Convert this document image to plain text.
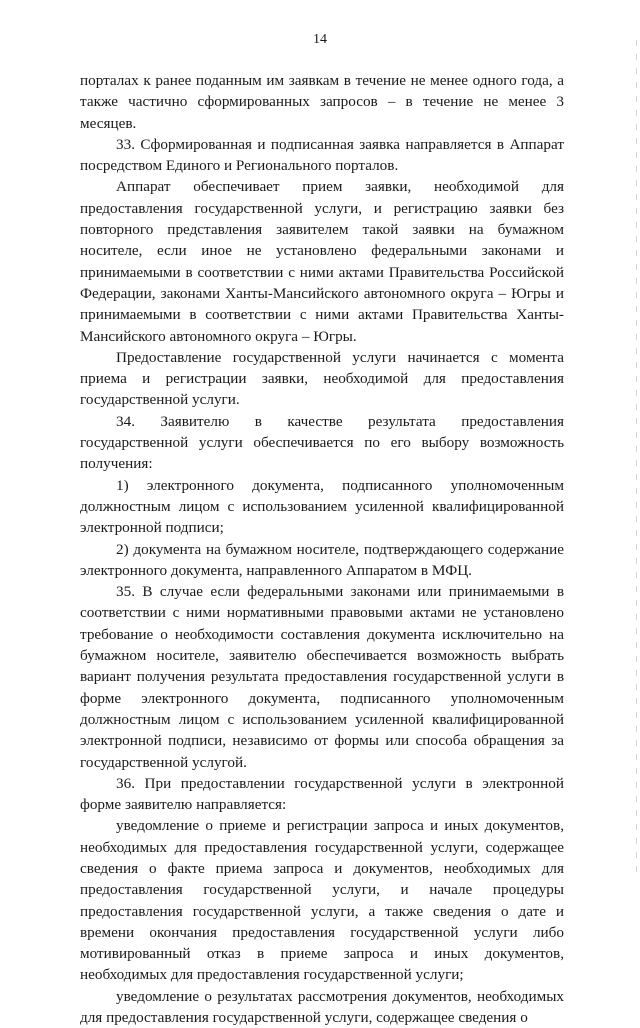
14

порталах к ранее поданным им заявкам в течение не менее одного года, а также частично сформированных запросов – в течение не менее 3 месяцев.

33. Сформированная и подписанная заявка направляется в Аппарат посредством Единого и Регионального порталов.

Аппарат обеспечивает прием заявки, необходимой для предоставления государственной услуги, и регистрацию заявки без повторного представления заявителем такой заявки на бумажном носителе, если иное не установлено федеральными законами и принимаемыми в соответствии с ними актами Правительства Российской Федерации, законами Ханты-Мансийского автономного округа – Югры и принимаемыми в соответствии с ними актами Правительства Ханты-Мансийского автономного округа – Югры.

Предоставление государственной услуги начинается с момента приема и регистрации заявки, необходимой для предоставления государственной услуги.

34. Заявителю в качестве результата предоставления государственной услуги обеспечивается по его выбору возможность получения:

1) электронного документа, подписанного уполномоченным должностным лицом с использованием усиленной квалифицированной электронной подписи;

2) документа на бумажном носителе, подтверждающего содержание электронного документа, направленного Аппаратом в МФЦ.

35. В случае если федеральными законами или принимаемыми в соответствии с ними нормативными правовыми актами не установлено требование о необходимости составления документа исключительно на бумажном носителе, заявителю обеспечивается возможность выбрать вариант получения результата предоставления государственной услуги в форме электронного документа, подписанного уполномоченным должностным лицом с использованием усиленной квалифицированной электронной подписи, независимо от формы или способа обращения за государственной услугой.

36. При предоставлении государственной услуги в электронной форме заявителю направляется:

уведомление о приеме и регистрации запроса и иных документов, необходимых для предоставления государственной услуги, содержащее сведения о факте приема запроса и документов, необходимых для предоставления государственной услуги, и начале процедуры предоставления государственной услуги, а также сведения о дате и времени окончания предоставления государственной услуги либо мотивированный отказ в приеме запроса и иных документов, необходимых для предоставления государственной услуги;

уведомление о результатах рассмотрения документов, необходимых для предоставления государственной услуги, содержащее сведения о
